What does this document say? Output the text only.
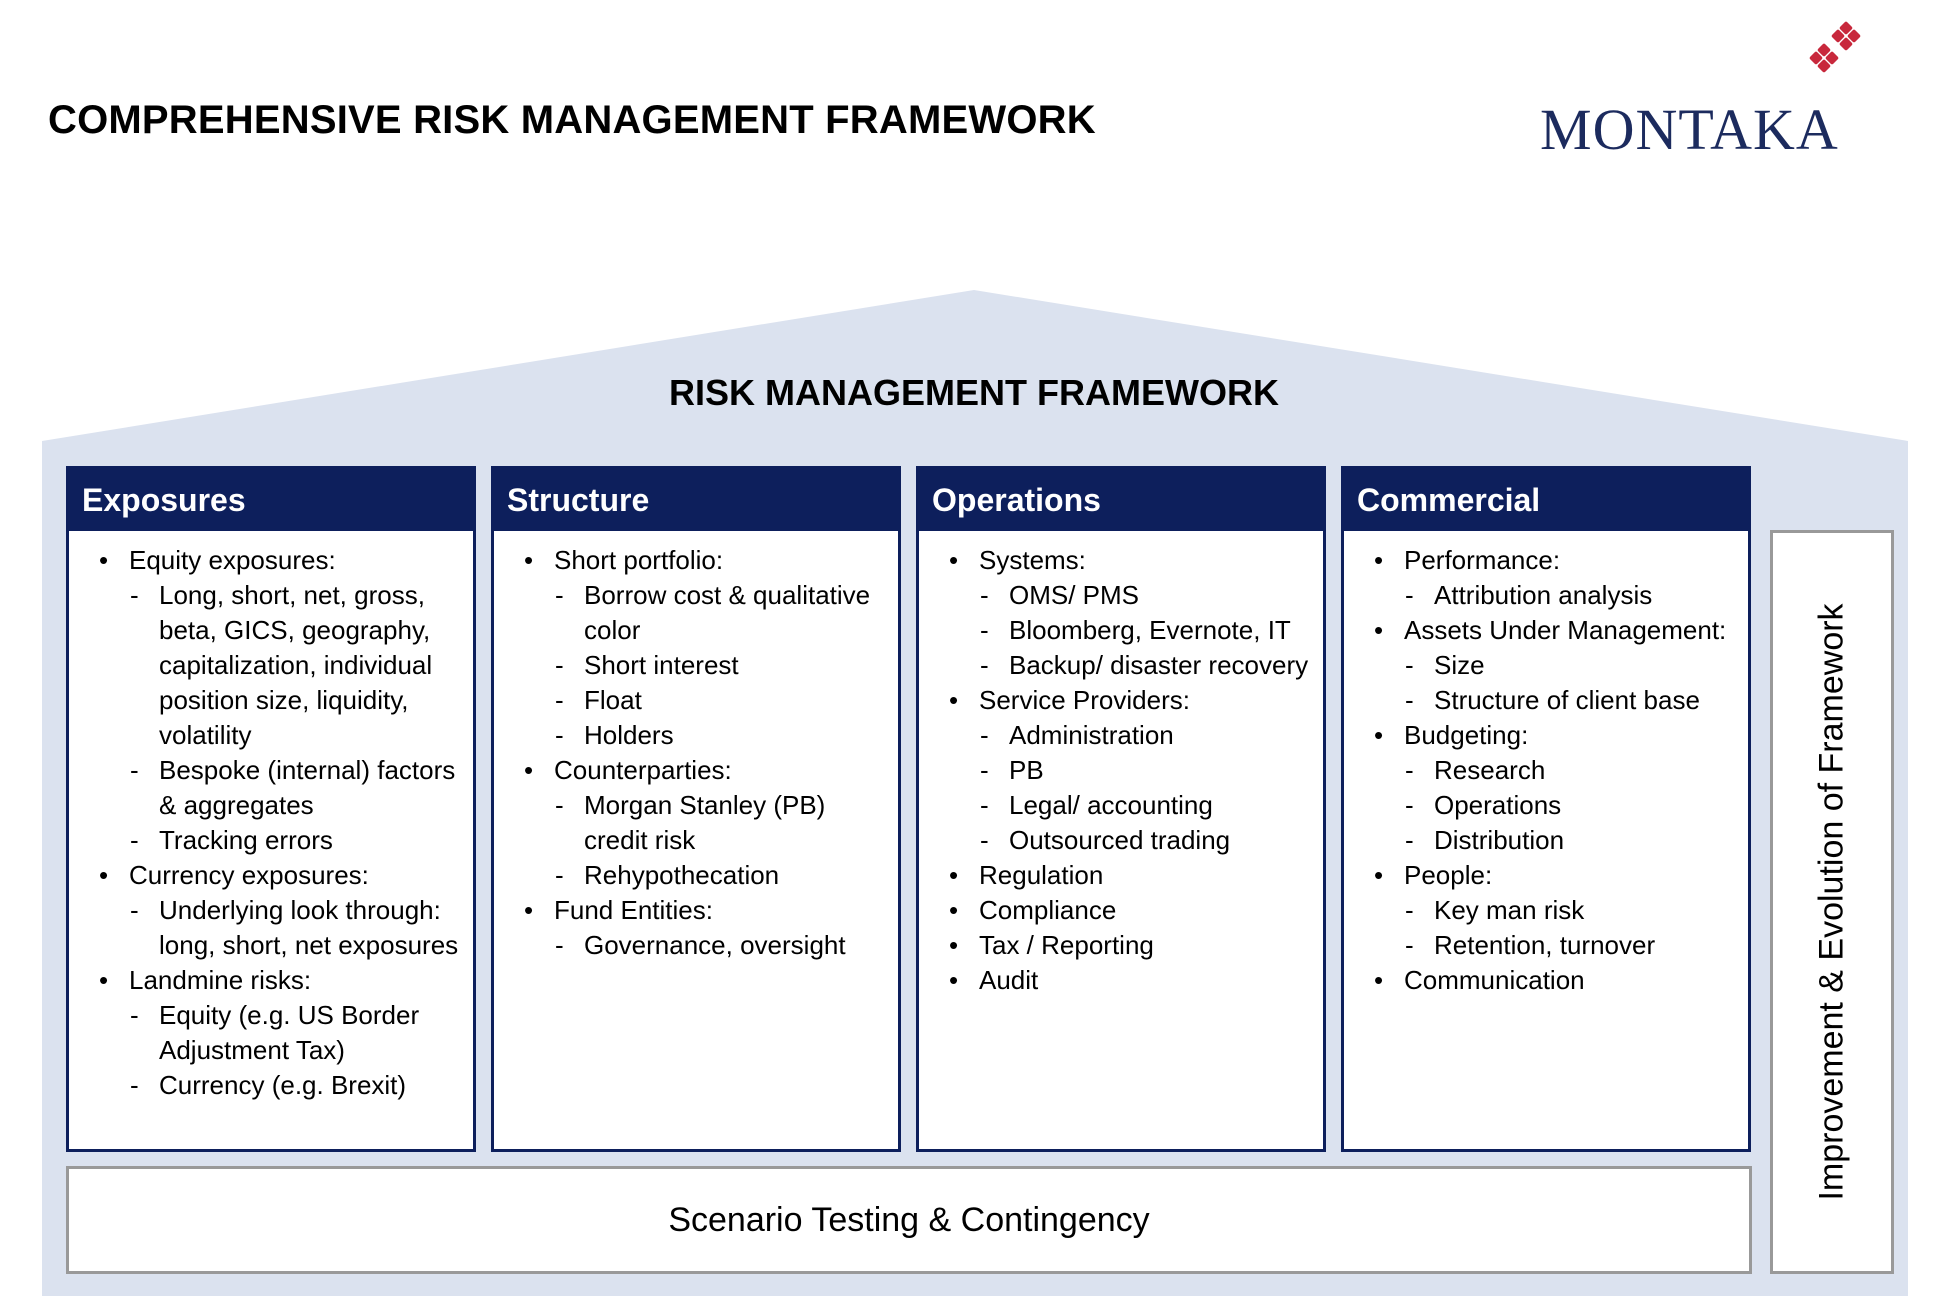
COMPREHENSIVE RISK MANAGEMENT FRAMEWORK	MONTAKA
RISK MANAGEMENT FRAMEWORK
Exposures
• Equity exposures:
- Long, short, net, gross, beta, GICS, geography, capitalization, individual position size, liquidity, volatility
- Bespoke (internal) factors & aggregates
- Tracking errors
• Currency exposures:
- Underlying look through: long, short, net exposures
• Landmine risks:
- Equity (e.g. US Border Adjustment Tax)
- Currency (e.g. Brexit)
Structure
• Short portfolio:
- Borrow cost & qualitative color
- Short interest
- Float
- Holders
• Counterparties:
- Morgan Stanley (PB) credit risk
- Rehypothecation
• Fund Entities:
- Governance, oversight
Operations
• Systems:
- OMS/ PMS
- Bloomberg, Evernote, IT
- Backup/ disaster recovery
• Service Providers:
- Administration
- PB
- Legal/ accounting
- Outsourced trading
• Regulation
• Compliance
• Tax / Reporting
• Audit
Commercial
• Performance:
- Attribution analysis
• Assets Under Management:
- Size
- Structure of client base
• Budgeting:
- Research
- Operations
- Distribution
• People:
- Key man risk
- Retention, turnover
• Communication
Scenario Testing & Contingency
Improvement & Evolution of Framework
